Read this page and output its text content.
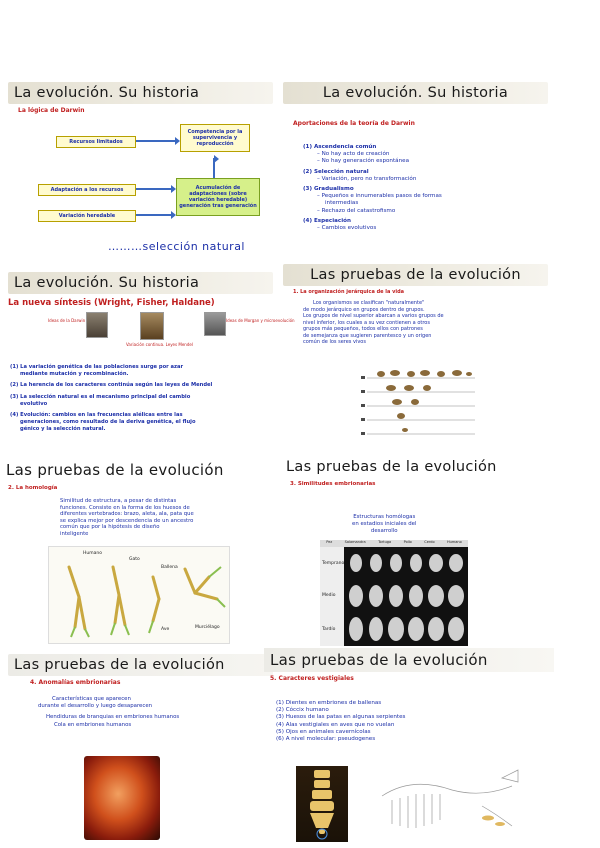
La evolución. Su historia
La lógica de Darwin
Recursos limitados
Competencia por la supervivencia y reproducción
Adaptación a los recursos	Acumulación de adaptaciones (sobre variación heredable) generación tras generación
Variación heredable
………selección natural
La evolución. Su historia
Aportaciones de la teoría de Darwin
(1) Ascendencia común
– No hay acto de creación
– No hay generación espontánea
(2) Selección natural
– Variación, pero no transformación
(3) Gradualismo
– Pequeños e innumerables pasos de formas
intermedias
– Rechazo del catastrofismo
(4) Especiación
– Cambios evolutivos
La evolución. Su historia
La nueva síntesis (Wright, Fisher, Haldane)
Ideas de la Darwin
Variación continua. Leyes Mendel
Ideas de Morgan y microevolución
(1) La variación genética de las poblaciones surge por azar
mediante mutación y recombinación.
(2) La herencia de los caracteres continúa según las leyes de Mendel
(3) La selección natural es el mecanismo principal del cambio
evolutivo
(4) Evolución: cambios en las frecuencias alélicas entre las
generaciones, como resultado de la deriva genética, el flujo
génico y la selección natural.
Las pruebas de la evolución
1. La organización jerárquica de la vida
Los organismos se clasifican "naturalmente"
de modo jerárquico en grupos dentro de grupos.
Los grupos de nivel superior abarcan a varios grupos de
nivel inferior, los cuales a su vez contienen a otros
grupos más pequeños, todos ellos con patrones
de semejanza que sugieren parentesco y un origen
común de los seres vivos
Las pruebas de la evolución
2. La homología
Similitud de estructura, a pesar de distintas
funciones. Consiste en la forma de los huesos de
diferentes vertebrados: brazo, aleta, ala, pata que
se explica mejor por descendencia de un ancestro
común que por la hipótesis de diseño
inteligente
Humano
Gato
Ballena
Ave	Murciélago
Las pruebas de la evolución
3. Similitudes embrionarias
Estructuras homólogas
en estadios iniciales del
desarrollo
Pez	Salamandra	Tortuga	Pollo	Cerdo	Humano
Temprano
Medio
Tardío
Las pruebas de la evolución
4. Anomalías embrionarias
Características que aparecen
durante el desarrollo y luego desaparecen
Hendiduras de branquias en embriones humanos
Cola en embriones humanos
Las pruebas de la evolución
5. Caracteres vestigiales
(1) Dientes en embriones de ballenas
(2) Cóccix humano
(3) Huesos de las patas en algunas serpientes
(4) Alas vestigiales en aves que no vuelan
(5) Ojos en animales cavernícolas
(6) A nivel molecular: pseudogenes
